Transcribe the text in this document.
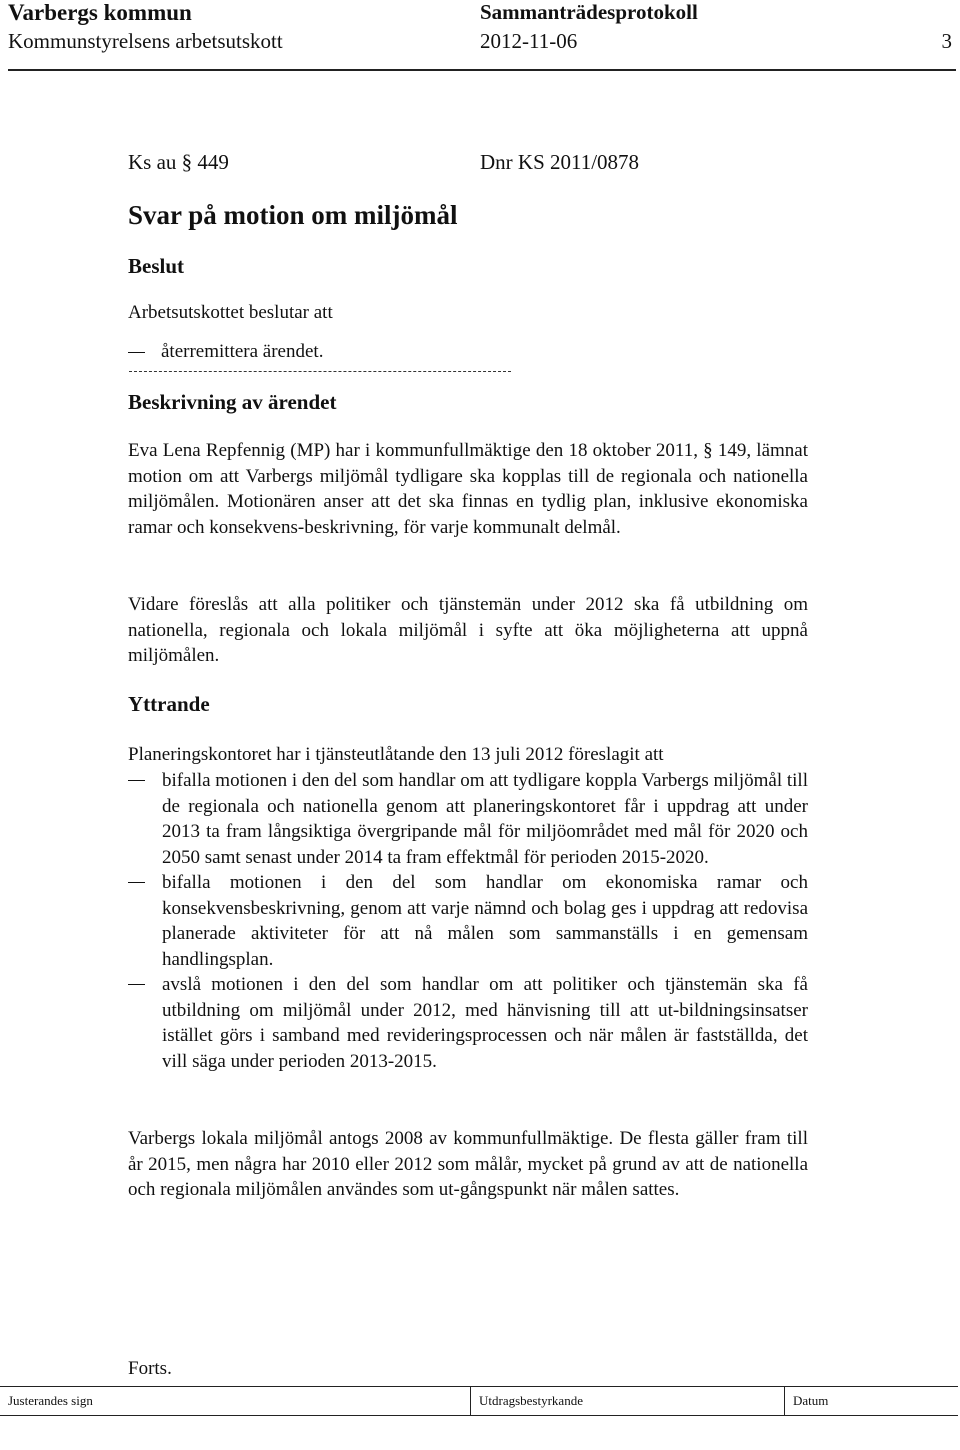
Varbergs kommun	Sammanträdesprotokoll
Kommunstyrelsens arbetsutskott	2012-11-06	3
Ks au § 449	Dnr KS 2011/0878
Svar på motion om miljömål
Beslut
Arbetsutskottet beslutar att
återremittera ärendet.
Beskrivning av ärendet

Eva Lena Repfennig (MP) har i kommunfullmäktige den 18 oktober 2011, § 149, lämnat motion om att Varbergs miljömål tydligare ska kopplas till de regionala och nationella miljömålen. Motionären anser att det ska finnas en tydlig plan, inklusive ekonomiska ramar och konsekvens-beskrivning, för varje kommunalt delmål.

Vidare föreslås att alla politiker och tjänstemän under 2012 ska få utbildning om nationella, regionala och lokala miljömål i syfte att öka möjligheterna att uppnå miljömålen.

Yttrande

Planeringskontoret har i tjänsteutlåtande den 13 juli 2012 föreslagit att

bifalla motionen i den del som handlar om att tydligare koppla Varbergs miljömål till de regionala och nationella genom att planeringskontoret får i uppdrag att under 2013 ta fram långsiktiga övergripande mål för miljöområdet med mål för 2020 och 2050 samt senast under 2014 ta fram effektmål för perioden 2015-2020.
bifalla motionen i den del som handlar om ekonomiska ramar och konsekvensbeskrivning, genom att varje nämnd och bolag ges i uppdrag att redovisa planerade aktiviteter för att nå målen som sammanställs i en gemensam handlingsplan.
avslå motionen i den del som handlar om att politiker och tjänstemän ska få utbildning om miljömål under 2012, med hänvisning till att ut-bildningsinsatser istället görs i samband med revideringsprocessen och när målen är fastställda, det vill säga under perioden 2013-2015.

Varbergs lokala miljömål antogs 2008 av kommunfullmäktige. De flesta gäller fram till år 2015, men några har 2010 eller 2012 som målår, mycket på grund av att de nationella och regionala miljömålen användes som ut-gångspunkt när målen sattes.

Forts.
Justerandes sign	Utdragsbestyrkande	Datum
